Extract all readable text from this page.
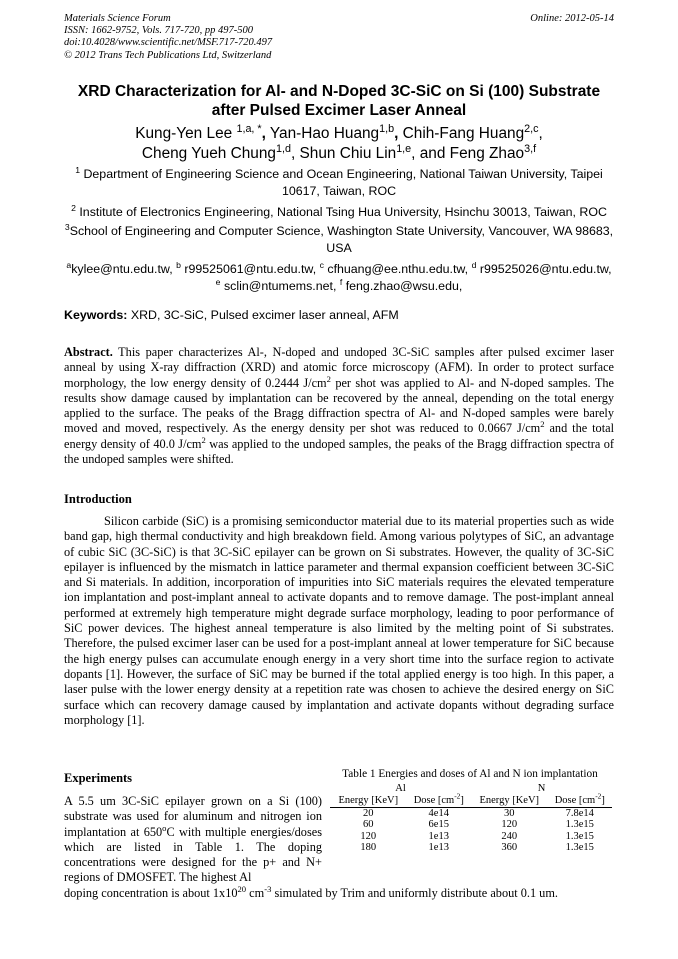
Materials Science Forum
ISSN: 1662-9752, Vols. 717-720, pp 497-500
doi:10.4028/www.scientific.net/MSF.717-720.497
© 2012 Trans Tech Publications Ltd, Switzerland
Online: 2012-05-14
XRD Characterization for Al- and N-Doped 3C-SiC on Si (100) Substrate
after Pulsed Excimer Laser Anneal
Kung-Yen Lee $^{1,a, *}$, Yan-Hao Huang$^{1,b}$, Chih-Fang Huang$^{2,c}$,
Cheng Yueh Chung$^{1,d}$, Shun Chiu Lin$^{1,e}$, and Feng Zhao$^{3,f}$
$^1$ Department of Engineering Science and Ocean Engineering, National Taiwan University, Taipei 10617, Taiwan, ROC
$^2$ Institute of Electronics Engineering, National Tsing Hua University, Hsinchu 30013, Taiwan, ROC
$^3$School of Engineering and Computer Science, Washington State University, Vancouver, WA 98683, USA
$^a$kylee@ntu.edu.tw, $^b$ r99525061@ntu.edu.tw, $^c$ cfhuang@ee.nthu.edu.tw, $^d$ r99525026@ntu.edu.tw, $^e$ sclin@ntumems.net, $^f$ feng.zhao@wsu.edu,
Keywords: XRD, 3C-SiC, Pulsed excimer laser anneal, AFM
Abstract. This paper characterizes Al-, N-doped and undoped 3C-SiC samples after pulsed excimer laser anneal by using X-ray diffraction (XRD) and atomic force microscopy (AFM). In order to protect surface morphology, the low energy density of 0.2444 $J/cm^2$ per shot was applied to Al- and N-doped samples. The results show damage caused by implantation can be recovered by the anneal, depending on the total energy applied to the surface. The peaks of the Bragg diffraction spectra of Al- and N-doped samples were barely moved and moved, respectively. As the energy density per shot was reduced to 0.0667 $J/cm^2$ and the total energy density of 40.0 $J/cm^2$ was applied to the undoped samples, the peaks of the Bragg diffraction spectra of the undoped samples were shifted.
Introduction
Silicon carbide (SiC) is a promising semiconductor material due to its material properties such as wide band gap, high thermal conductivity and high breakdown field. Among various polytypes of SiC, an advantage of cubic SiC (3C-SiC) is that 3C-SiC epilayer can be grown on Si substrates. However, the quality of 3C-SiC epilayer is influenced by the mismatch in lattice parameter and thermal expansion coefficient between 3C-SiC and Si materials. In addition, incorporation of impurities into SiC materials requires the elevated temperature ion implantation and post-implant anneal to activate dopants and to remove damage. The post-implant anneal performed at extremely high temperature might degrade surface morphology, leading to poor performance of SiC power devices. The highest anneal temperature is also limited by the melting point of Si substrates. Therefore, the pulsed excimer laser can be used for a post-implant anneal at lower temperature for SiC because the high energy pulses can accumulate enough energy in a very short time into the surface region to activate dopants [1]. However, the surface of SiC may be burned if the total applied energy is too high. In this paper, a laser pulse with the lower energy density at a repetition rate was chosen to achieve the desired energy on SiC surface which can recovery damage caused by implantation and activate dopants without degrading surface morphology [1].
Experiments
A 5.5 um 3C-SiC epilayer grown on a Si (100) substrate was used for aluminum and nitrogen ion implantation at 650$^o$C with multiple energies/doses which are listed in Table 1. The doping concentrations were designed for the p+ and N+ regions of DMOSFET. The highest Al
doping concentration is about $1x10^{20}$ $cm^{-3}$ simulated by Trim and uniformly distribute about 0.1 um.
Table 1 Energies and doses of Al and N ion implantation
Al		N	
Energy [KeV]	Dose $[cm^{-2}]$	Energy [KeV]	Dose $[cm^{-2}]$
20	4e14	30	7.8e14
60	6e15	120	1.3e15
120	1e13	240	1.3e15
180	1e13	360	1.3e15
